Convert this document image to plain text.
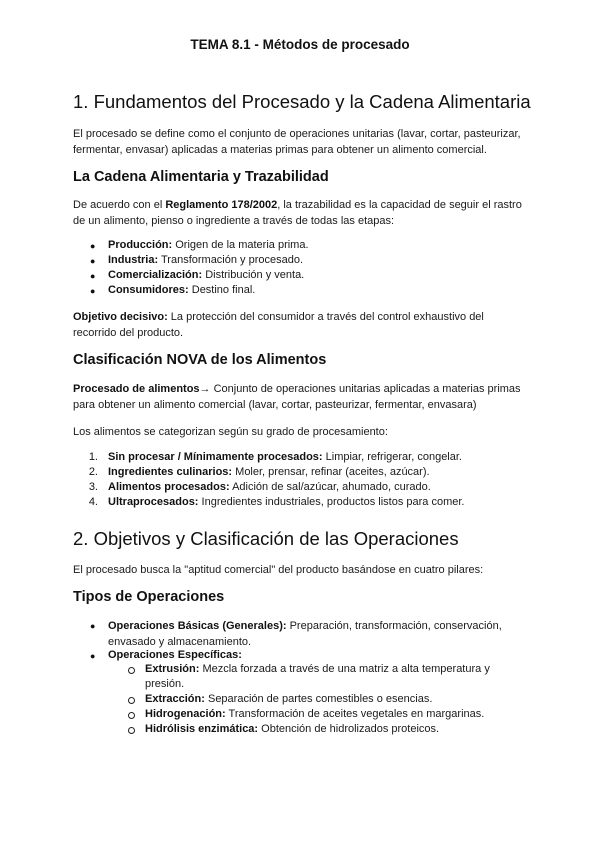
TEMA 8.1 - Métodos de procesado
1. Fundamentos del Procesado y la Cadena Alimentaria
El procesado se define como el conjunto de operaciones unitarias (lavar, cortar, pasteurizar,
fermentar, envasar) aplicadas a materias primas para obtener un alimento comercial.
La Cadena Alimentaria y Trazabilidad
De acuerdo con el Reglamento 178/2002, la trazabilidad es la capacidad de seguir el rastro
de un alimento, pienso o ingrediente a través de todas las etapas:
● Producción: Origen de la materia prima.
● Industria: Transformación y procesado.
● Comercialización: Distribución y venta.
● Consumidores: Destino final.
Objetivo decisivo: La protección del consumidor a través del control exhaustivo del
recorrido del producto.
Clasificación NOVA de los Alimentos
Procesado de alimentos→ Conjunto de operaciones unitarias aplicadas a materias primas
para obtener un alimento comercial (lavar, cortar, pasteurizar, fermentar, envasara)
Los alimentos se categorizan según su grado de procesamiento:
1. Sin procesar / Mínimamente procesados: Limpiar, refrigerar, congelar.
2. Ingredientes culinarios: Moler, prensar, refinar (aceites, azúcar).
3. Alimentos procesados: Adición de sal/azúcar, ahumado, curado.
4. Ultraprocesados: Ingredientes industriales, productos listos para comer.
2. Objetivos y Clasificación de las Operaciones
El procesado busca la "aptitud comercial" del producto basándose en cuatro pilares:
Tipos de Operaciones
● Operaciones Básicas (Generales): Preparación, transformación, conservación,
envasado y almacenamiento.
● Operaciones Específicas:
Extrusión: Mezcla forzada a través de una matriz a alta temperatura y
presión.
Extracción: Separación de partes comestibles o esencias.
Hidrogenación: Transformación de aceites vegetales en margarinas.
Hidrólisis enzimática: Obtención de hidrolizados proteicos.
